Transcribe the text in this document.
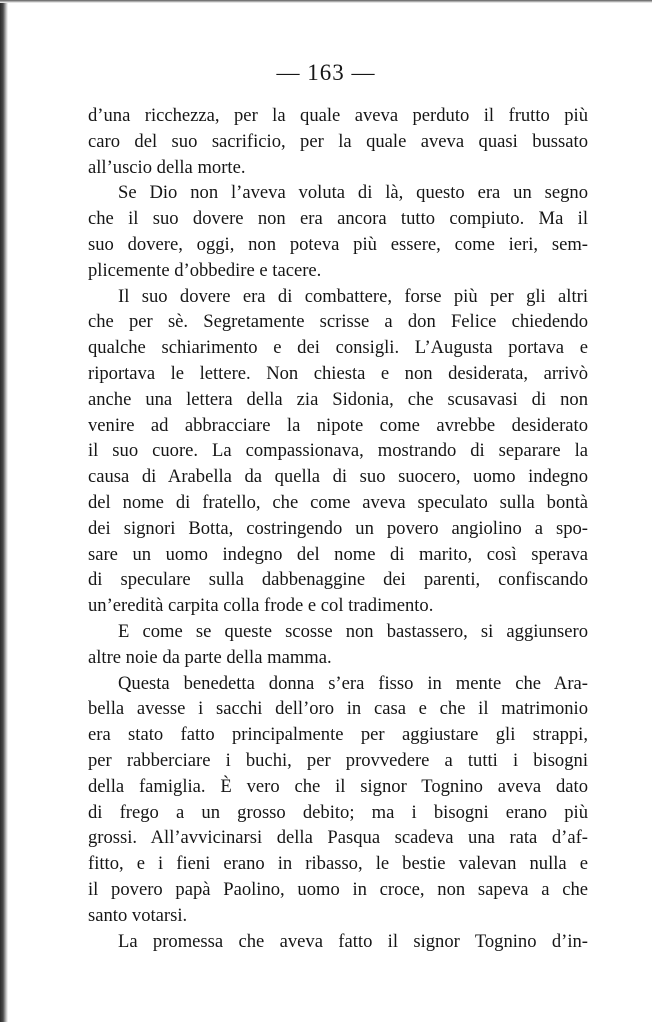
— 163 —
d’una ricchezza, per la quale aveva perduto il frutto più
caro del suo sacrificio, per la quale aveva quasi bussato
all’uscio della morte.
Se Dio non l’aveva voluta di là, questo era un segno
che il suo dovere non era ancora tutto compiuto. Ma il
suo dovere, oggi, non poteva più essere, come ieri, sem-
plicemente d’obbedire e tacere.
Il suo dovere era di combattere, forse più per gli altri
che per sè. Segretamente scrisse a don Felice chiedendo
qualche schiarimento e dei consigli. L’Augusta portava e
riportava le lettere. Non chiesta e non desiderata, arrivò
anche una lettera della zia Sidonia, che scusavasi di non
venire ad abbracciare la nipote come avrebbe desiderato
il suo cuore. La compassionava, mostrando di separare la
causa di Arabella da quella di suo suocero, uomo indegno
del nome di fratello, che come aveva speculato sulla bontà
dei signori Botta, costringendo un povero angiolino a spo-
sare un uomo indegno del nome di marito, così sperava
di speculare sulla dabbenaggine dei parenti, confiscando
un’eredità carpita colla frode e col tradimento.
E come se queste scosse non bastassero, si aggiunsero
altre noie da parte della mamma.
Questa benedetta donna s’era fisso in mente che Ara-
bella avesse i sacchi dell’oro in casa e che il matrimonio
era stato fatto principalmente per aggiustare gli strappi,
per rabberciare i buchi, per provvedere a tutti i bisogni
della famiglia. È vero che il signor Tognino aveva dato
di frego a un grosso debito; ma i bisogni erano più
grossi. All’avvicinarsi della Pasqua scadeva una rata d’af-
fitto, e i fieni erano in ribasso, le bestie valevan nulla e
il povero papà Paolino, uomo in croce, non sapeva a che
santo votarsi.
La promessa che aveva fatto il signor Tognino d’in-
